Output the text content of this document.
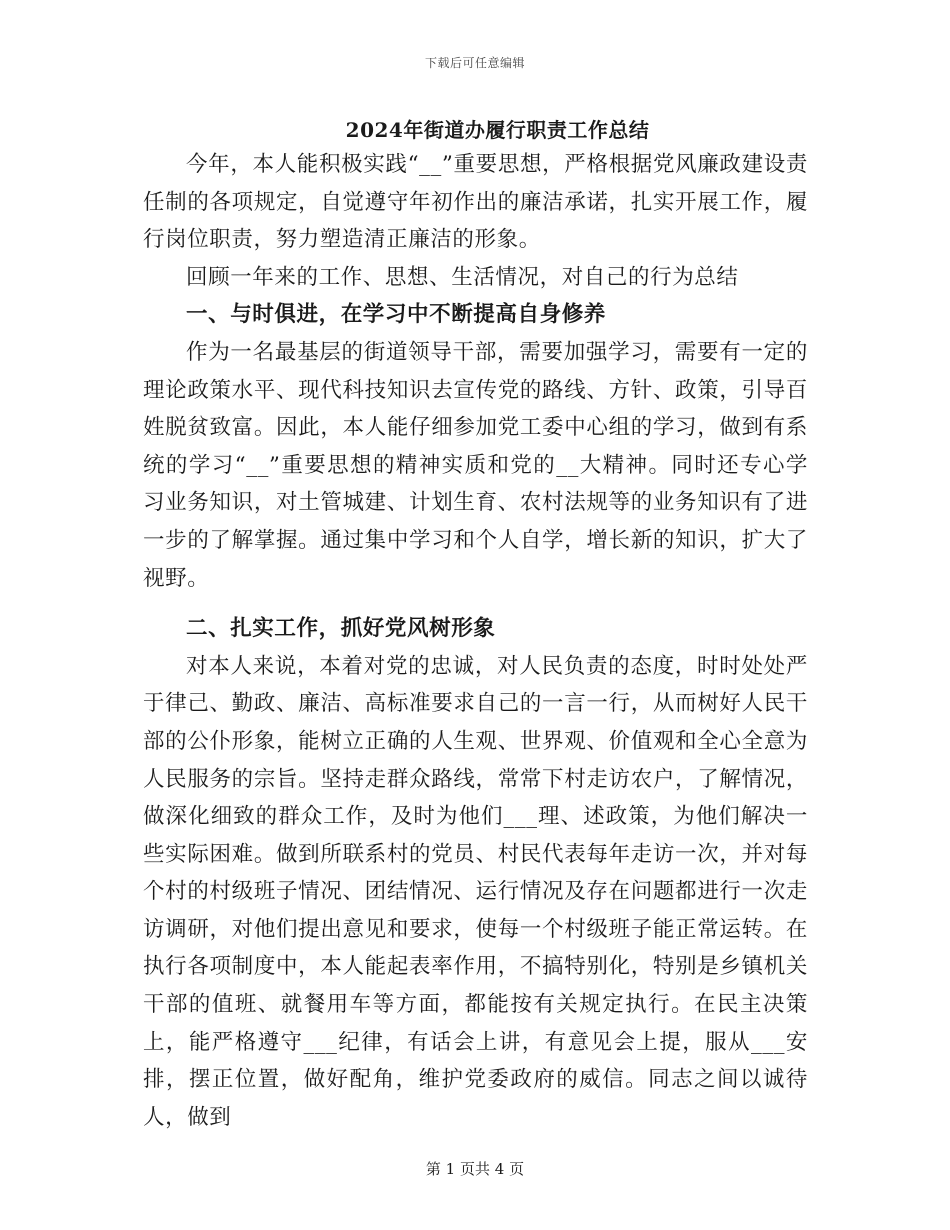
下载后可任意编辑
2024年街道办履行职责工作总结

今年，本人能积极实践“__”重要思想，严格根据党风廉政建设责任制的各项规定，自觉遵守年初作出的廉洁承诺，扎实开展工作，履行岗位职责，努力塑造清正廉洁的形象。

回顾一年来的工作、思想、生活情况，对自己的行为总结

一、与时俱进，在学习中不断提高自身修养

作为一名最基层的街道领导干部，需要加强学习，需要有一定的理论政策水平、现代科技知识去宣传党的路线、方针、政策，引导百姓脱贫致富。因此，本人能仔细参加党工委中心组的学习，做到有系统的学习“__”重要思想的精神实质和党的__大精神。同时还专心学习业务知识，对土管城建、计划生育、农村法规等的业务知识有了进一步的了解掌握。通过集中学习和个人自学，增长新的知识，扩大了视野。

二、扎实工作，抓好党风树形象

对本人来说，本着对党的忠诚，对人民负责的态度，时时处处严于律己、勤政、廉洁、高标准要求自己的一言一行，从而树好人民干部的公仆形象，能树立正确的人生观、世界观、价值观和全心全意为人民服务的宗旨。坚持走群众路线，常常下村走访农户，了解情况，做深化细致的群众工作，及时为他们___理、述政策，为他们解决一些实际困难。做到所联系村的党员、村民代表每年走访一次，并对每个村的村级班子情况、团结情况、运行情况及存在问题都进行一次走访调研，对他们提出意见和要求，使每一个村级班子能正常运转。在执行各项制度中，本人能起表率作用，不搞特别化，特别是乡镇机关干部的值班、就餐用车等方面，都能按有关规定执行。在民主决策上，能严格遵守___纪律，有话会上讲，有意见会上提，服从___安排，摆正位置，做好配角，维护党委政府的威信。同志之间以诚待人，做到

第 1 页共 4 页
